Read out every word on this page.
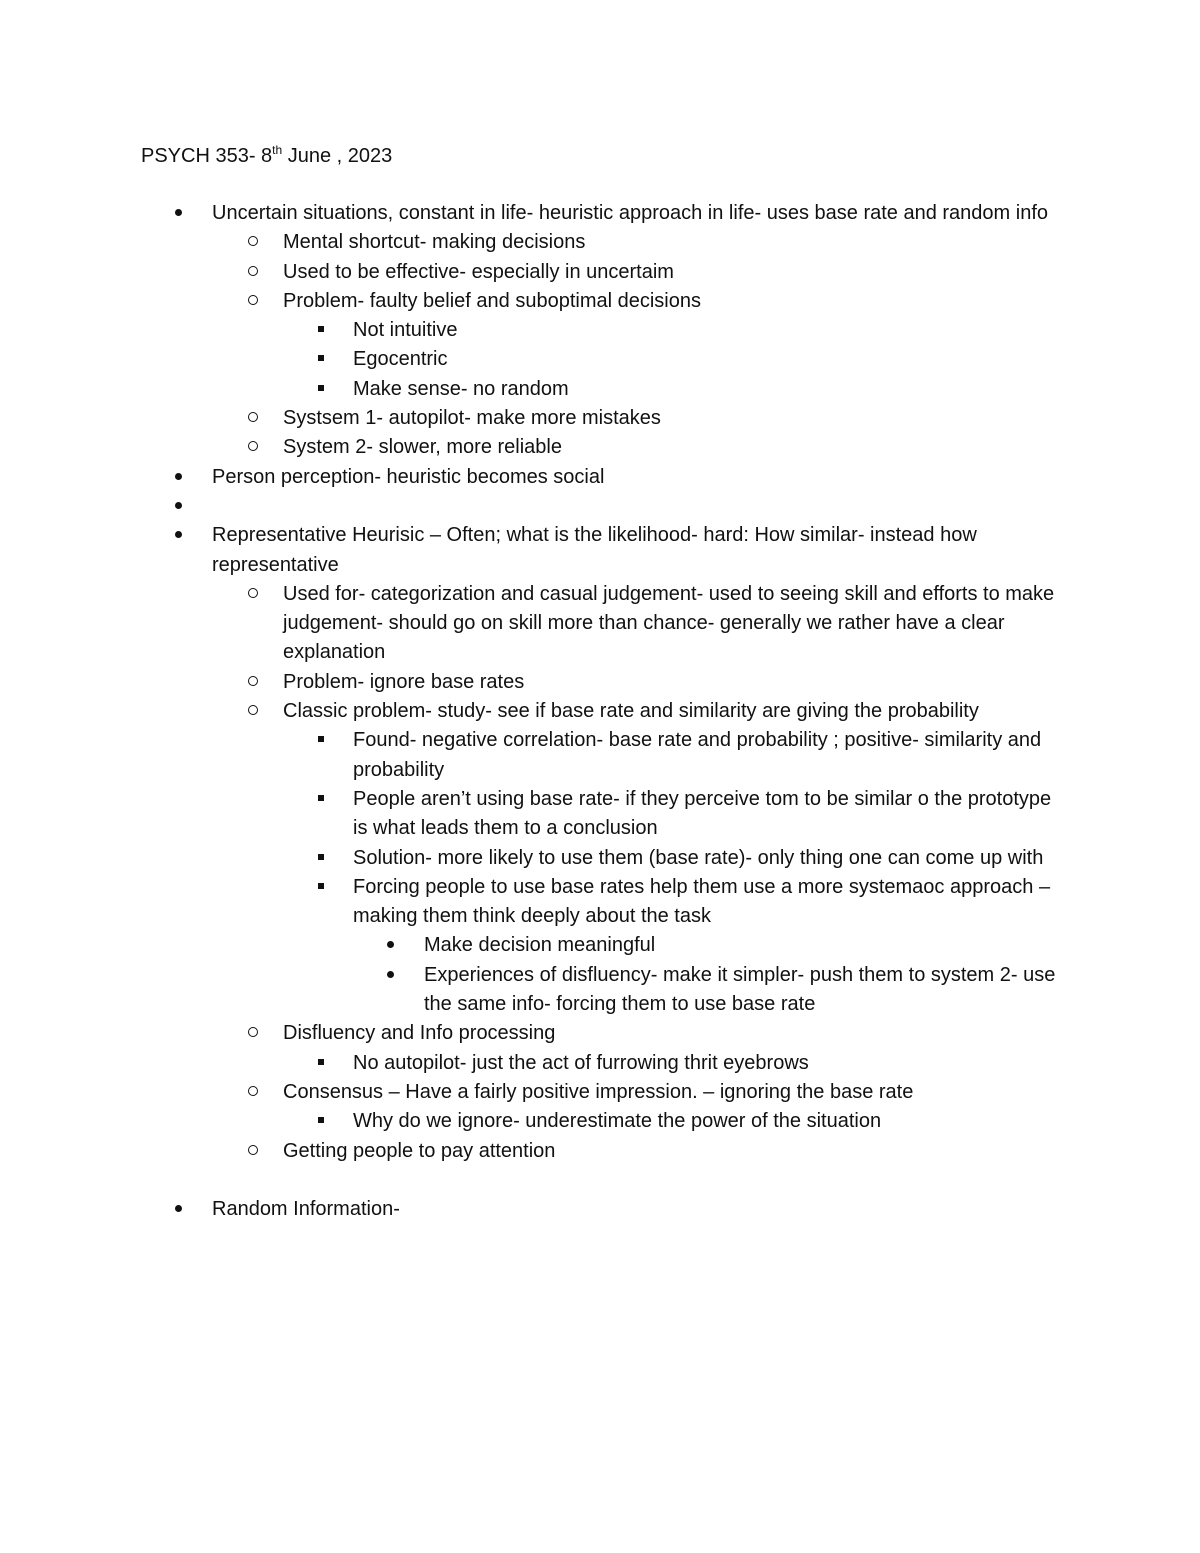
PSYCH 353- 8th June , 2023
Uncertain situations, constant in life- heuristic approach in life- uses base rate and random info
Mental shortcut- making decisions
Used to be effective- especially in uncertaim
Problem- faulty belief and suboptimal decisions
Not intuitive
Egocentric
Make sense- no random
Systsem 1- autopilot- make more mistakes
System 2- slower, more reliable
Person perception- heuristic becomes social
Representative Heurisic – Often; what is the likelihood- hard: How similar- instead how representative
Used for- categorization and casual judgement- used to seeing skill and efforts to make judgement- should go on skill more than chance- generally we rather have a clear explanation
Problem- ignore base rates
Classic problem- study- see if base rate and similarity are giving the probability
Found- negative correlation- base rate and probability ; positive- similarity and probability
People aren’t using base rate- if they perceive tom to be similar o the prototype is what leads them to a conclusion
Solution- more likely to use them (base rate)- only thing one can come up with
Forcing people to use base rates help them use a more systemaoc approach – making them think deeply about the task
Make decision meaningful
Experiences of disfluency- make it simpler- push them to system 2- use the same info- forcing them to use base rate
Disfluency and Info processing
No autopilot- just the act of furrowing thrit eyebrows
Consensus – Have a fairly positive impression. – ignoring the base rate
Why do we ignore- underestimate the power of the situation
Getting people to pay attention
Random Information-
